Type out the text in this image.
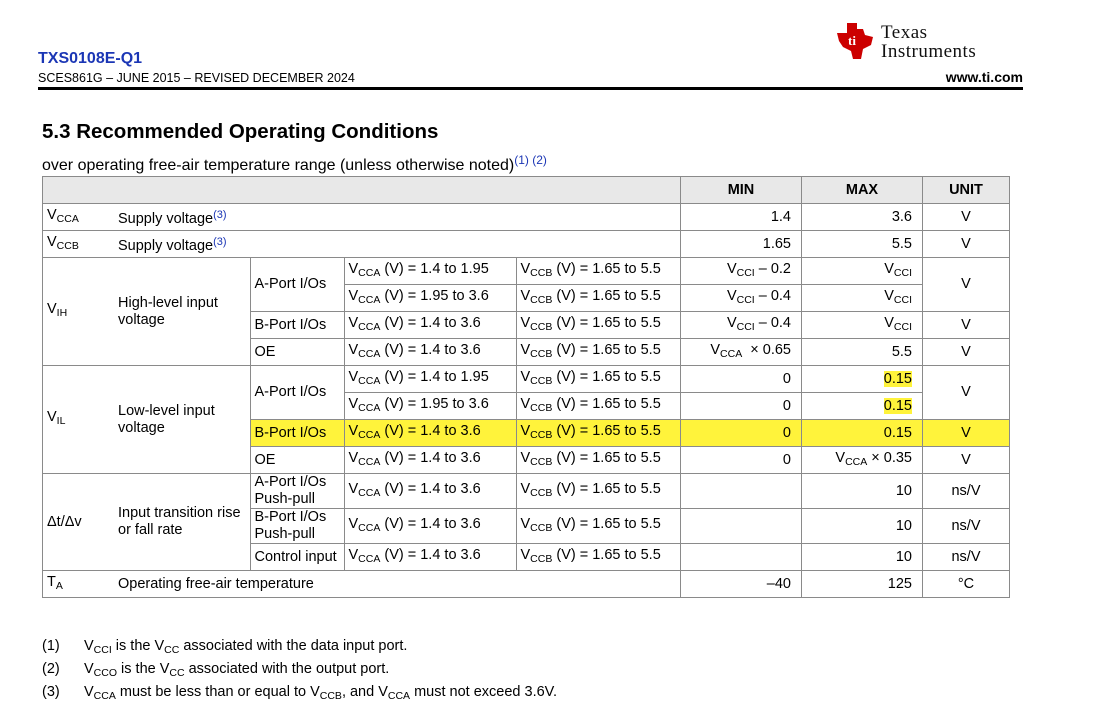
TXS0108E-Q1
SCES861G – JUNE 2015 – REVISED DECEMBER 2024
ti Texas
Instruments
www.ti.com
5.3 Recommended Operating Conditions
over operating free-air temperature range (unless otherwise noted)$^{(1) (2)}$
					MIN	MAX	UNIT
$V_{CCA}$	Supply voltage$^{(3)}$				1.4	3.6	V
$V_{CCB}$	Supply voltage$^{(3)}$				1.65	5.5	V
$V_{IH}$	High-level input voltage	A-Port I/Os	$V_{CCA}$ (V) = 1.4 to 1.95	$V_{CCB}$ (V) = 1.65 to 5.5	$V_{CCI} - 0.2$	$V_{CCI}$	V
			$V_{CCA}$ (V) = 1.95 to 3.6	$V_{CCB}$ (V) = 1.65 to 5.5	$V_{CCI} - 0.4$	$V_{CCI}$
		B-Port I/Os	$V_{CCA}$ (V) = 1.4 to 3.6	$V_{CCB}$ (V) = 1.65 to 5.5	$V_{CCI} - 0.4$	$V_{CCI}$	V
		OE	$V_{CCA}$ (V) = 1.4 to 3.6	$V_{CCB}$ (V) = 1.65 to 5.5	$V_{CCA} \times 0.65$	5.5	V
$V_{IL}$	Low-level input voltage	A-Port I/Os	$V_{CCA}$ (V) = 1.4 to 1.95	$V_{CCB}$ (V) = 1.65 to 5.5	0	0.15	V
			$V_{CCA}$ (V) = 1.95 to 3.6	$V_{CCB}$ (V) = 1.65 to 5.5	0	0.15	
		B-Port I/Os	$V_{CCA}$ (V) = 1.4 to 3.6	$V_{CCB}$ (V) = 1.65 to 5.5	0	0.15	V
		OE	$V_{CCA}$ (V) = 1.4 to 3.6	$V_{CCB}$ (V) = 1.65 to 5.5	0	$V_{CCA} \times 0.35$	V
Δt/Δv	Input transition rise or fall rate	A-Port I/Os Push-pull	$V_{CCA}$ (V) = 1.4 to 3.6	$V_{CCB}$ (V) = 1.65 to 5.5		10	ns/V
		B-Port I/Os Push-pull	$V_{CCA}$ (V) = 1.4 to 3.6	$V_{CCB}$ (V) = 1.65 to 5.5		10	ns/V
		Control input	$V_{CCA}$ (V) = 1.4 to 3.6	$V_{CCB}$ (V) = 1.65 to 5.5		10	ns/V
$T_A$	Operating free-air temperature				–40	125	°C
(1)	$V_{CCI}$ is the $V_{CC}$ associated with the data input port.
(2)	$V_{CCO}$ is the $V_{CC}$ associated with the output port.
(3)	$V_{CCA}$ must be less than or equal to $V_{CCB}$, and $V_{CCA}$ must not exceed 3.6V.
